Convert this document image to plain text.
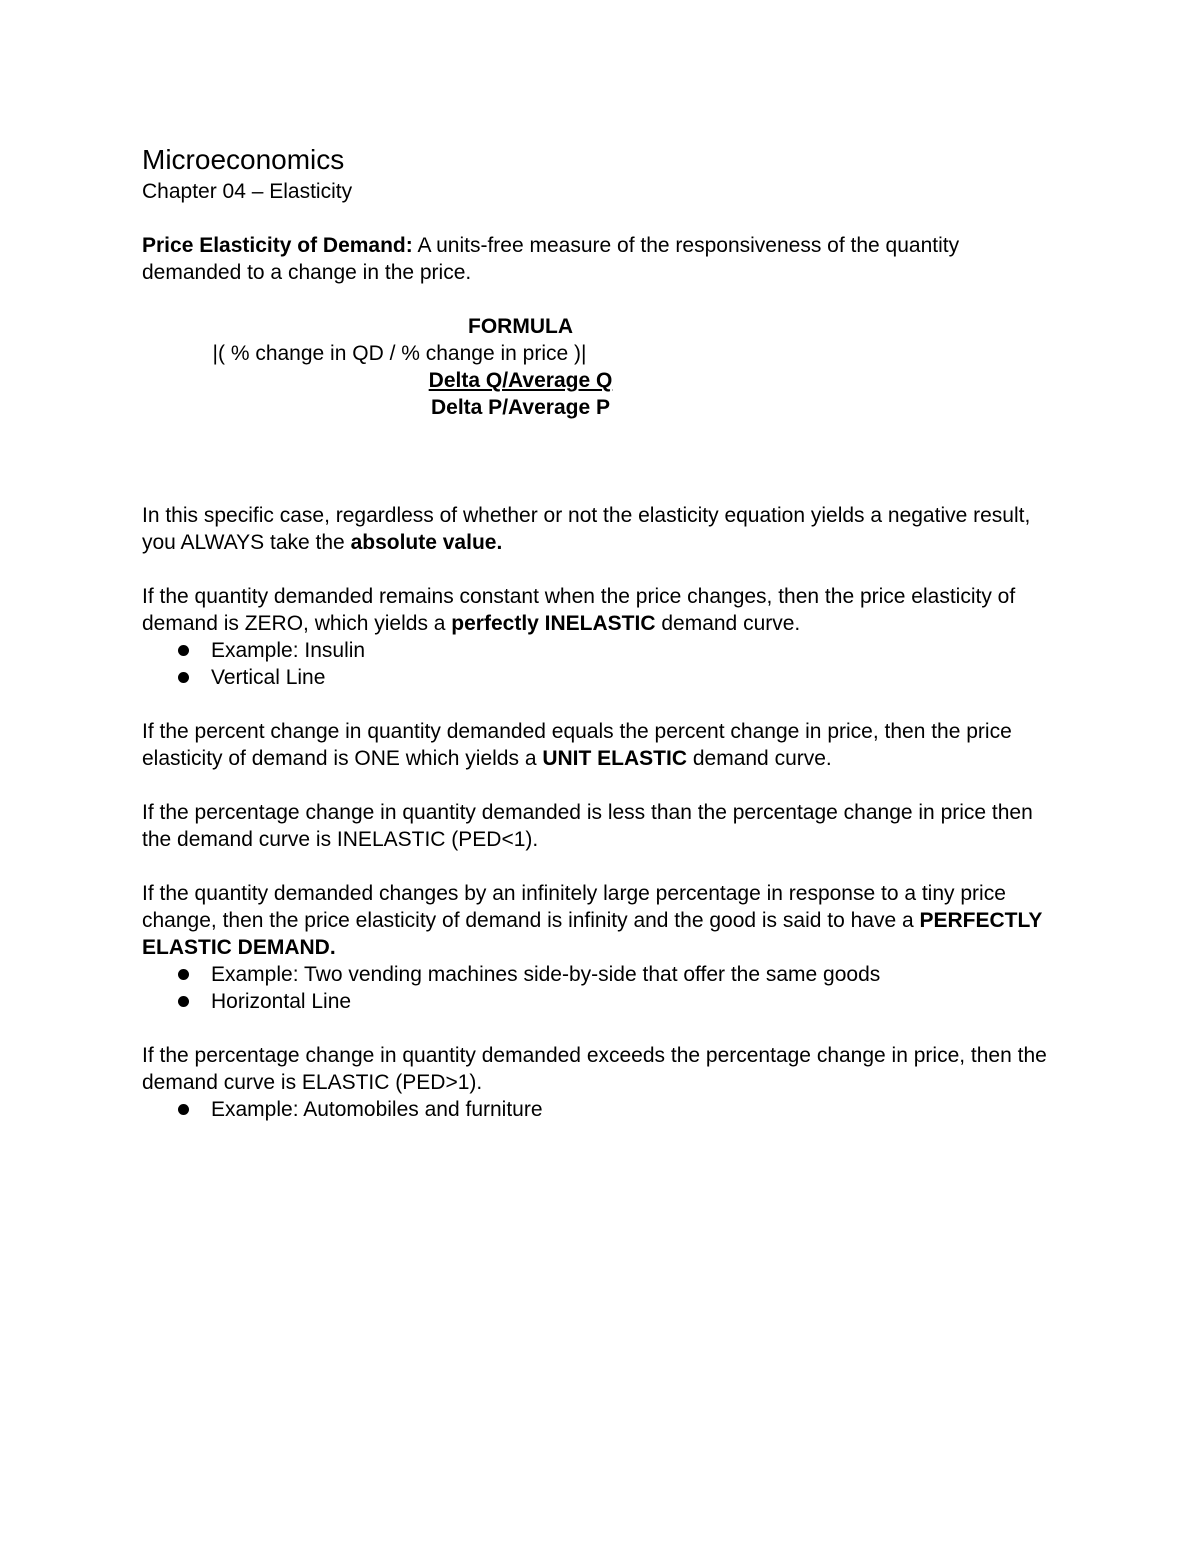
Microeconomics
Chapter 04 – Elasticity

Price Elasticity of Demand: A units-free measure of the responsiveness of the quantity demanded to a change in the price.

FORMULA
|( % change in QD / % change in price )|
Delta Q/Average Q
Delta P/Average P

In this specific case, regardless of whether or not the elasticity equation yields a negative result, you ALWAYS take the absolute value.

If the quantity demanded remains constant when the price changes, then the price elasticity of demand is ZERO, which yields a perfectly INELASTIC demand curve.

Example: Insulin
Vertical Line

If the percent change in quantity demanded equals the percent change in price, then the price elasticity of demand is ONE which yields a UNIT ELASTIC demand curve.

If the percentage change in quantity demanded is less than the percentage change in price then the demand curve is INELASTIC (PED<1).

If the quantity demanded changes by an infinitely large percentage in response to a tiny price change, then the price elasticity of demand is infinity and the good is said to have a PERFECTLY ELASTIC DEMAND.

Example: Two vending machines side-by-side that offer the same goods
Horizontal Line

If the percentage change in quantity demanded exceeds the percentage change in price, then the demand curve is ELASTIC (PED>1).

Example: Automobiles and furniture
